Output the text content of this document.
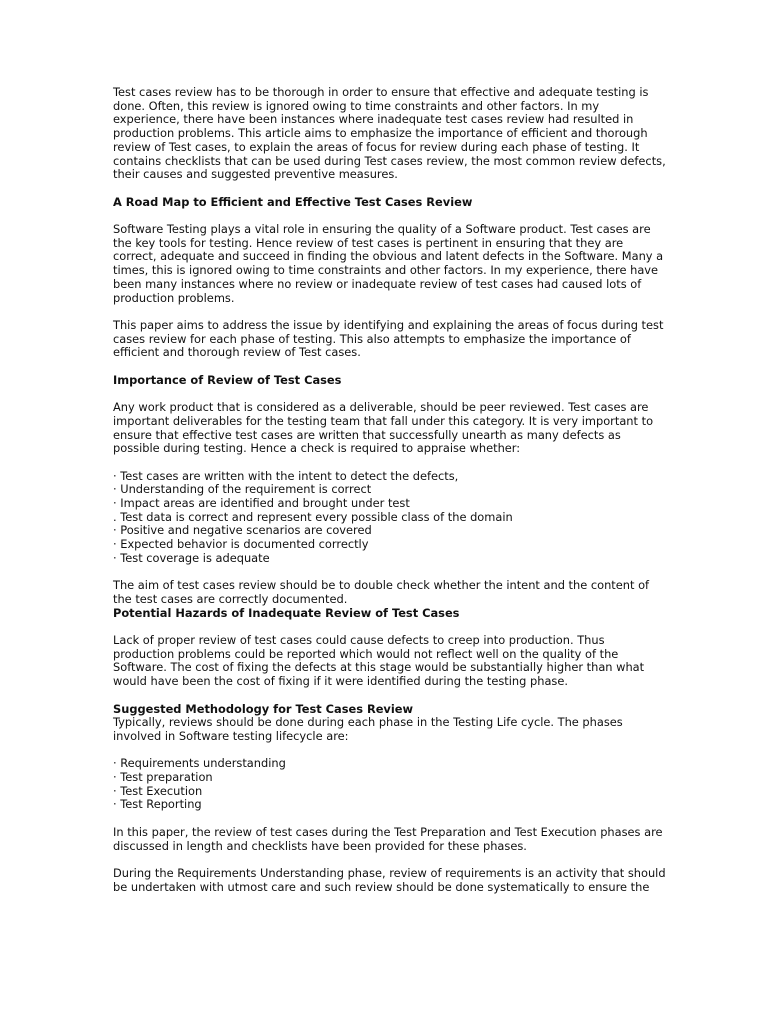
Test cases review has to be thorough in order to ensure that effective and adequate testing is done. Often, this review is ignored owing to time constraints and other factors. In my experience, there have been instances where inadequate test cases review had resulted in production problems. This article aims to emphasize the importance of efficient and thorough review of Test cases, to explain the areas of focus for review during each phase of testing. It contains checklists that can be used during Test cases review, the most common review defects, their causes and suggested preventive measures.

A Road Map to Efficient and Effective Test Cases Review

Software Testing plays a vital role in ensuring the quality of a Software product. Test cases are the key tools for testing. Hence review of test cases is pertinent in ensuring that they are correct, adequate and succeed in finding the obvious and latent defects in the Software. Many a times, this is ignored owing to time constraints and other factors. In my experience, there have been many instances where no review or inadequate review of test cases had caused lots of production problems.

This paper aims to address the issue by identifying and explaining the areas of focus during test cases review for each phase of testing. This also attempts to emphasize the importance of efficient and thorough review of Test cases.

Importance of Review of Test Cases

Any work product that is considered as a deliverable, should be peer reviewed. Test cases are important deliverables for the testing team that fall under this category. It is very important to ensure that effective test cases are written that successfully unearth as many defects as possible during testing. Hence a check is required to appraise whether:

· Test cases are written with the intent to detect the defects,
· Understanding of the requirement is correct
· Impact areas are identified and brought under test
. Test data is correct and represent every possible class of the domain
· Positive and negative scenarios are covered
· Expected behavior is documented correctly
· Test coverage is adequate

The aim of test cases review should be to double check whether the intent and the content of the test cases are correctly documented.

Potential Hazards of Inadequate Review of Test Cases

Lack of proper review of test cases could cause defects to creep into production. Thus production problems could be reported which would not reflect well on the quality of the Software. The cost of fixing the defects at this stage would be substantially higher than what would have been the cost of fixing if it were identified during the testing phase.

Suggested Methodology for Test Cases Review

Typically, reviews should be done during each phase in the Testing Life cycle. The phases involved in Software testing lifecycle are:

· Requirements understanding
· Test preparation
· Test Execution
· Test Reporting

In this paper, the review of test cases during the Test Preparation and Test Execution phases are discussed in length and checklists have been provided for these phases.

During the Requirements Understanding phase, review of requirements is an activity that should be undertaken with utmost care and such review should be done systematically to ensure the
